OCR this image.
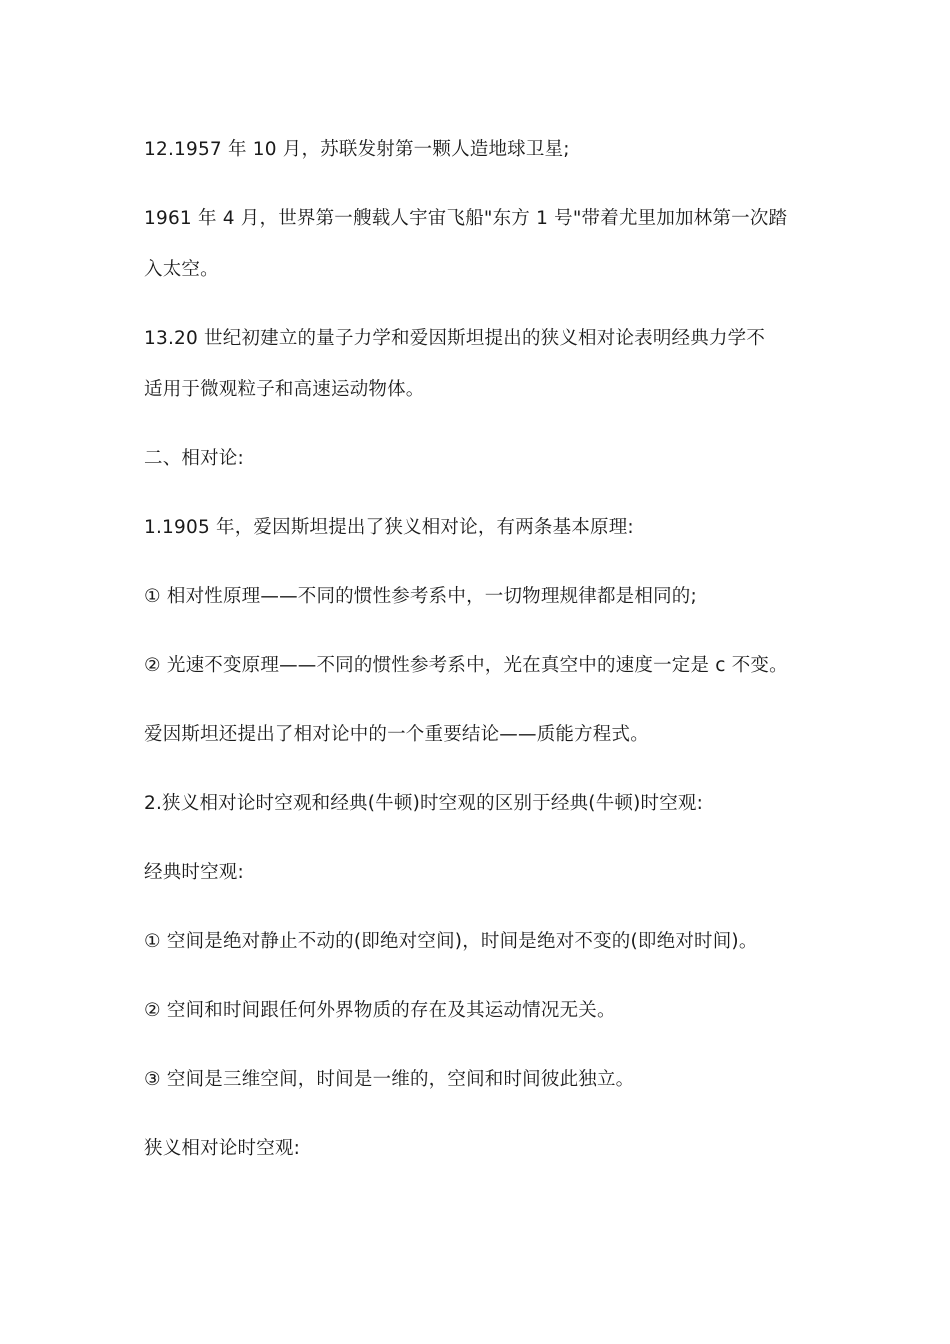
12.1957 年 10 月，苏联发射第一颗人造地球卫星;
1961 年 4 月，世界第一艘载人宇宙飞船"东方 1 号"带着尤里加加林第一次踏
入太空。
13.20 世纪初建立的量子力学和爱因斯坦提出的狭义相对论表明经典力学不
适用于微观粒子和高速运动物体。
二、相对论:
1.1905 年，爱因斯坦提出了狭义相对论，有两条基本原理:
① 相对性原理——不同的惯性参考系中，一切物理规律都是相同的;
② 光速不变原理——不同的惯性参考系中，光在真空中的速度一定是 c 不变。
爱因斯坦还提出了相对论中的一个重要结论——质能方程式。
2.狭义相对论时空观和经典(牛顿)时空观的区别于经典(牛顿)时空观:
经典时空观:
① 空间是绝对静止不动的(即绝对空间)，时间是绝对不变的(即绝对时间)。
② 空间和时间跟任何外界物质的存在及其运动情况无关。
③ 空间是三维空间，时间是一维的，空间和时间彼此独立。
狭义相对论时空观:
